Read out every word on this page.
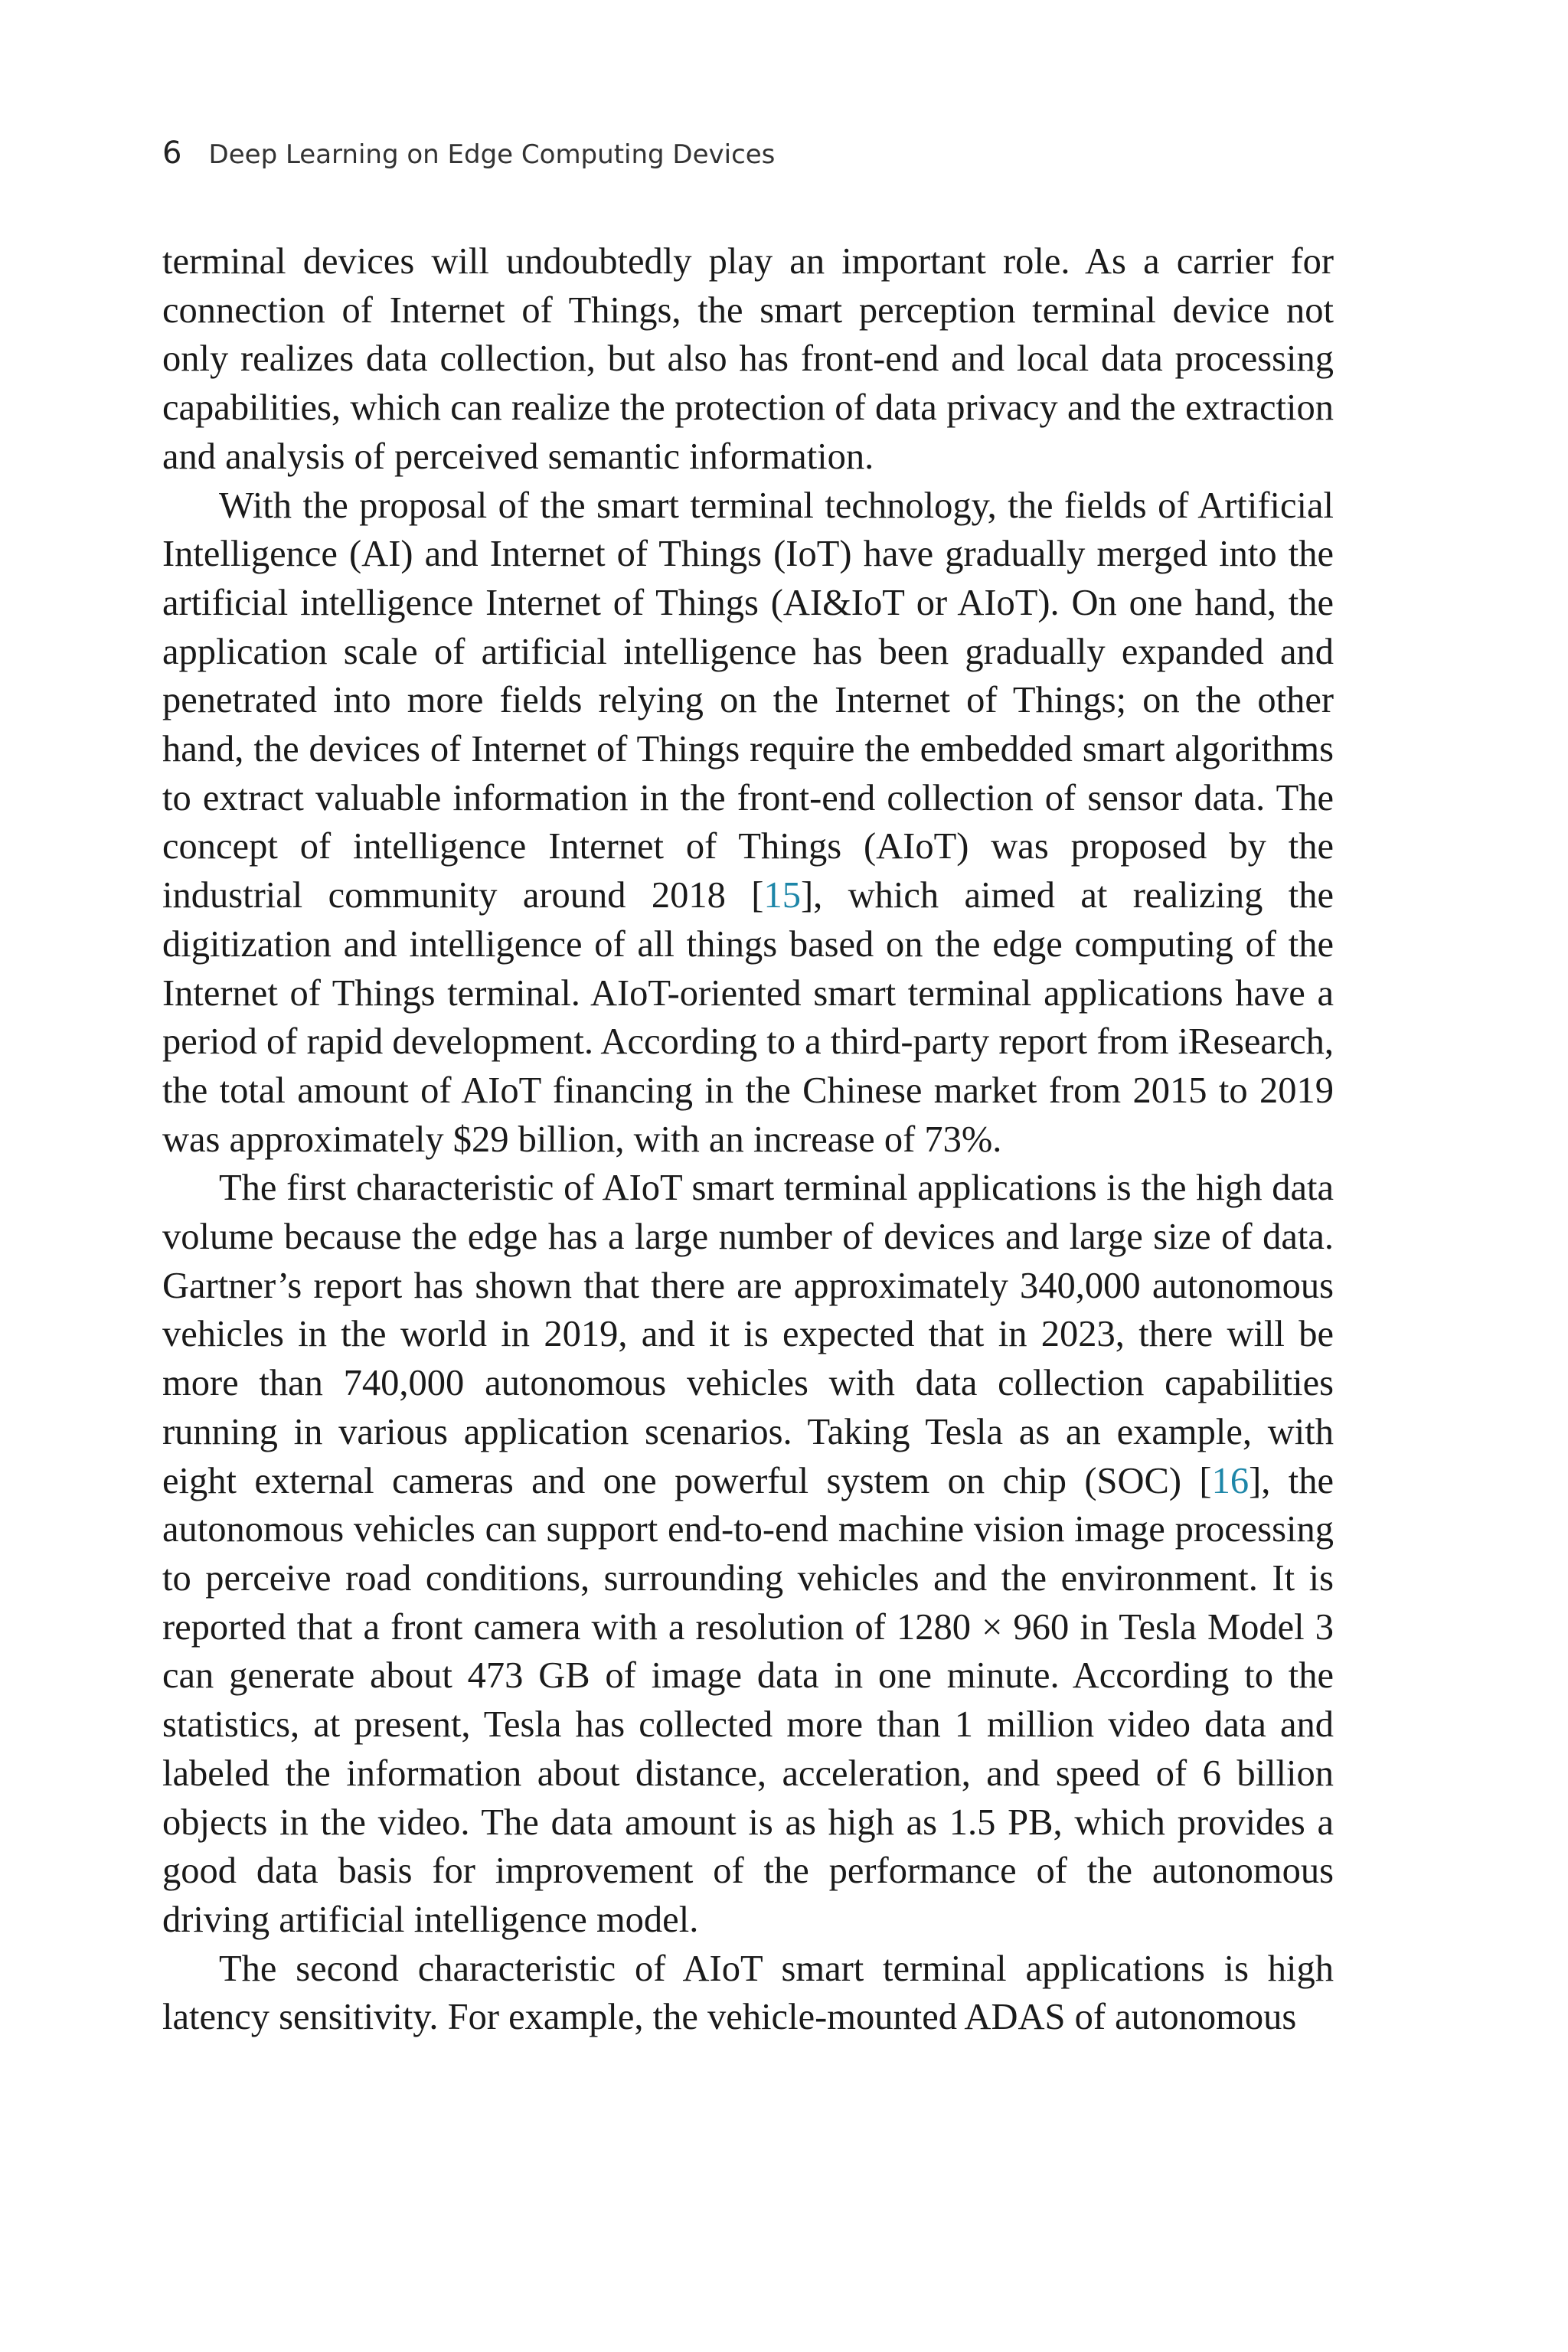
6 Deep Learning on Edge Computing Devices

terminal devices will undoubtedly play an important role. As a carrier for connection of Internet of Things, the smart perception terminal device not only realizes data collection, but also has front-end and local data processing capabilities, which can realize the protection of data privacy and the extraction and analysis of perceived semantic information.

With the proposal of the smart terminal technology, the fields of Artificial Intelligence (AI) and Internet of Things (IoT) have gradually merged into the artificial intelligence Internet of Things (AI&IoT or AIoT). On one hand, the application scale of artificial intelligence has been gradually expanded and penetrated into more fields relying on the Internet of Things; on the other hand, the devices of Internet of Things require the embedded smart algorithms to extract valuable information in the front-end collection of sensor data. The concept of intelligence Internet of Things (AIoT) was proposed by the industrial community around 2018 [15], which aimed at realizing the digitization and intelligence of all things based on the edge computing of the Internet of Things terminal. AIoT-oriented smart terminal applications have a period of rapid development. According to a third-party report from iResearch, the total amount of AIoT financing in the Chinese market from 2015 to 2019 was approximately $29 billion, with an increase of 73%.

The first characteristic of AIoT smart terminal applications is the high data volume because the edge has a large number of devices and large size of data. Gartner’s report has shown that there are approximately 340,000 autonomous vehicles in the world in 2019, and it is expected that in 2023, there will be more than 740,000 autonomous vehicles with data collection capabilities running in various application scenarios. Taking Tesla as an example, with eight external cameras and one powerful system on chip (SOC) [16], the autonomous vehicles can support end-to-end machine vision image processing to perceive road conditions, surrounding vehicles and the environment. It is reported that a front camera with a resolution of 1280 × 960 in Tesla Model 3 can generate about 473 GB of image data in one minute. According to the statistics, at present, Tesla has collected more than 1 million video data and labeled the information about distance, acceleration, and speed of 6 billion objects in the video. The data amount is as high as 1.5 PB, which provides a good data basis for improvement of the performance of the autonomous driving artificial intelligence model.

The second characteristic of AIoT smart terminal applications is high latency sensitivity. For example, the vehicle-mounted ADAS of autonomous
